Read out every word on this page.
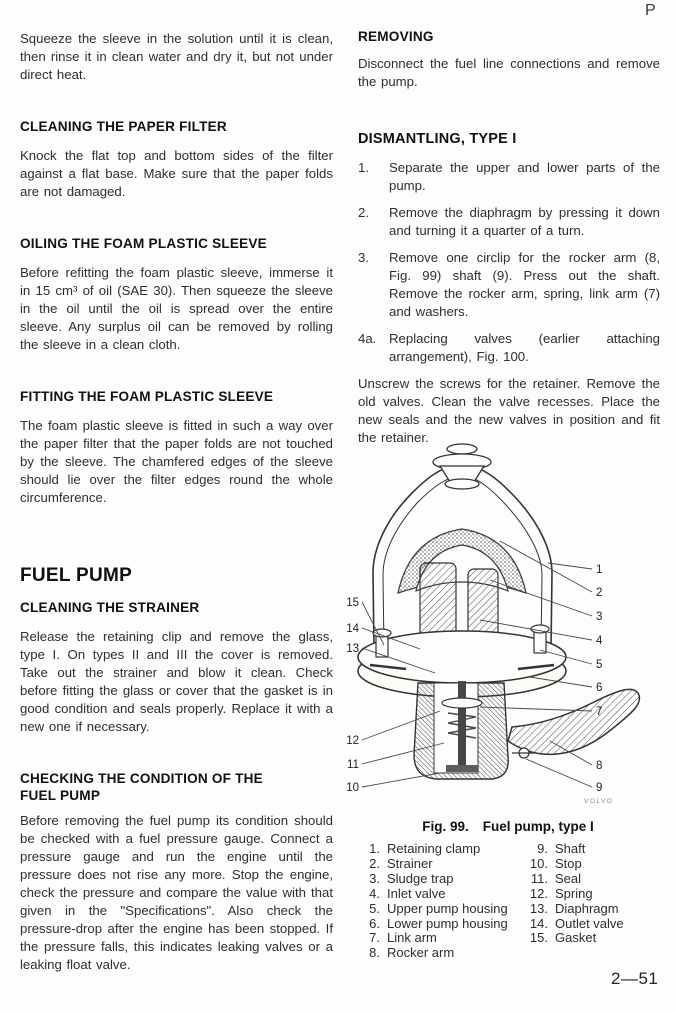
P

Squeeze the sleeve in the solution until it is clean, then rinse it in clean water and dry it, but not under direct heat.

CLEANING THE PAPER FILTER

Knock the flat top and bottom sides of the filter against a flat base. Make sure that the paper folds are not damaged.

OILING THE FOAM PLASTIC SLEEVE

Before refitting the foam plastic sleeve, immerse it in 15 cm³ of oil (SAE 30). Then squeeze the sleeve in the oil until the oil is spread over the entire sleeve. Any surplus oil can be removed by rolling the sleeve in a clean cloth.

FITTING THE FOAM PLASTIC SLEEVE

The foam plastic sleeve is fitted in such a way over the paper filter that the paper folds are not touched by the sleeve. The chamfered edges of the sleeve should lie over the filter edges round the whole circumference.

FUEL PUMP
CLEANING THE STRAINER

Release the retaining clip and remove the glass, type I. On types II and III the cover is removed. Take out the strainer and blow it clean. Check before fitting the glass or cover that the gasket is in good condition and seals properly. Replace it with a new one if necessary.

CHECKING THE CONDITION OF THE FUEL PUMP

Before removing the fuel pump its condition should be checked with a fuel pressure gauge. Connect a pressure gauge and run the engine until the pressure does not rise any more. Stop the engine, check the pressure and compare the value with that given in the "Specifications". Also check the pressure-drop after the engine has been stopped. If the pressure falls, this indicates leaking valves or a leaking float valve.

REMOVING

Disconnect the fuel line connections and remove the pump.

DISMANTLING, TYPE I
1.	Separate the upper and lower parts of the pump.

2.	Remove the diaphragm by pressing it down and turning it a quarter of a turn.

3.	Remove one circlip for the rocker arm (8, Fig. 99) shaft (9). Press out the shaft. Remove the rocker arm, spring, link arm (7) and washers.

4a. Replacing valves (earlier attaching arrangement), Fig. 100.

Unscrew the screws for the retainer. Remove the old valves. Clean the valve recesses. Place the new seals and the new valves in position and fit the retainer.

1
2
3
4
5
6
7
8
9
15
14
13
12
11
10
VOLVO
Fig. 99. Fuel pump, type I
1. Retaining clamp
2. Strainer
3. Sludge trap
4. Inlet valve
5. Upper pump housing
6. Lower pump housing
7. Link arm
8. Rocker arm
9. Shaft
10. Stop
11. Seal
12. Spring
13. Diaphragm
14. Outlet valve
15. Gasket
2—51
